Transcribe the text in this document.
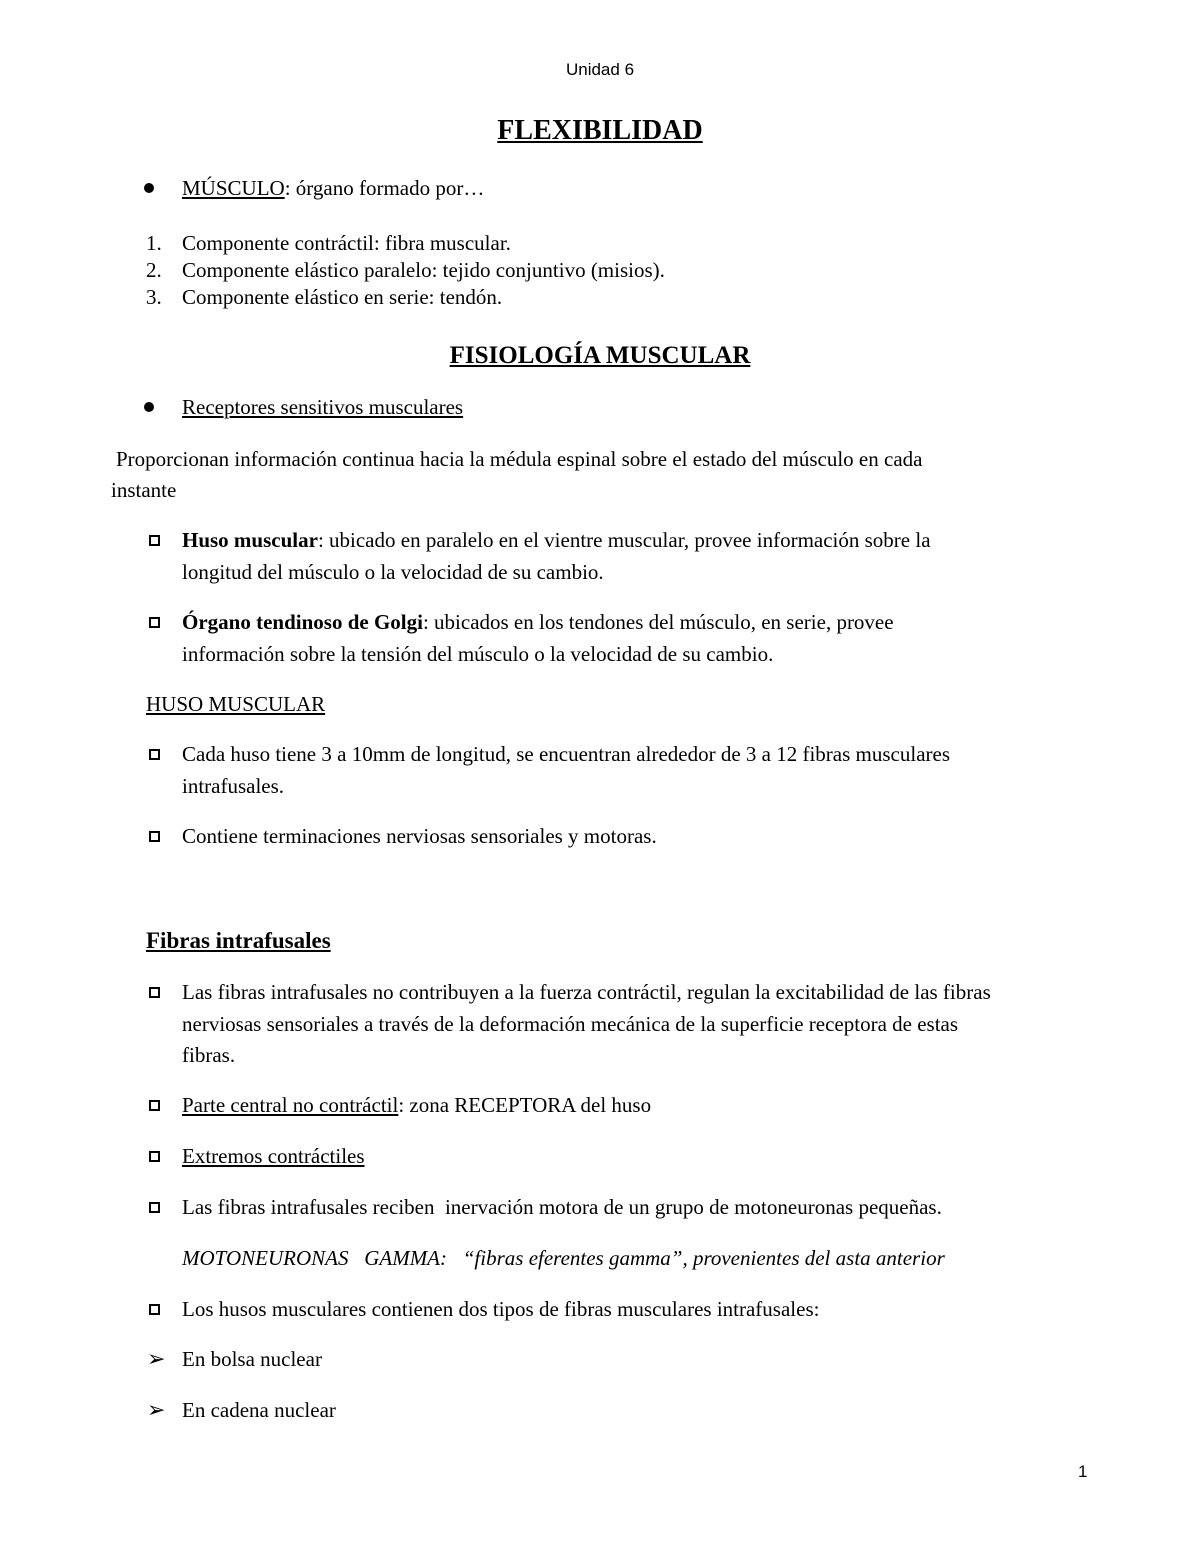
Unidad 6
1
FLEXIBILIDAD
MÚSCULO: órgano formado por…
1. Componente contráctil: fibra muscular.
2. Componente elástico paralelo: tejido conjuntivo (misios).
3. Componente elástico en serie: tendón.
FISIOLOGÍA MUSCULAR
Receptores sensitivos musculares
Proporcionan información continua hacia la médula espinal sobre el estado del músculo en cada
instante
Huso muscular: ubicado en paralelo en el vientre muscular, provee información sobre la
longitud del músculo o la velocidad de su cambio.
Órgano tendinoso de Golgi: ubicados en los tendones del músculo, en serie, provee
información sobre la tensión del músculo o la velocidad de su cambio.
HUSO MUSCULAR
Cada huso tiene 3 a 10mm de longitud, se encuentran alrededor de 3 a 12 fibras musculares
intrafusales.
Contiene terminaciones nerviosas sensoriales y motoras.
Fibras intrafusales
Las fibras intrafusales no contribuyen a la fuerza contráctil, regulan la excitabilidad de las fibras
nerviosas sensoriales a través de la deformación mecánica de la superficie receptora de estas
fibras.
Parte central no contráctil: zona RECEPTORA del huso
Extremos contráctiles
Las fibras intrafusales reciben  inervación motora de un grupo de motoneuronas pequeñas.
MOTONEURONAS   GAMMA:   “fibras eferentes gamma”, provenientes del asta anterior
Los husos musculares contienen dos tipos de fibras musculares intrafusales:
➢ En bolsa nuclear
➢ En cadena nuclear
